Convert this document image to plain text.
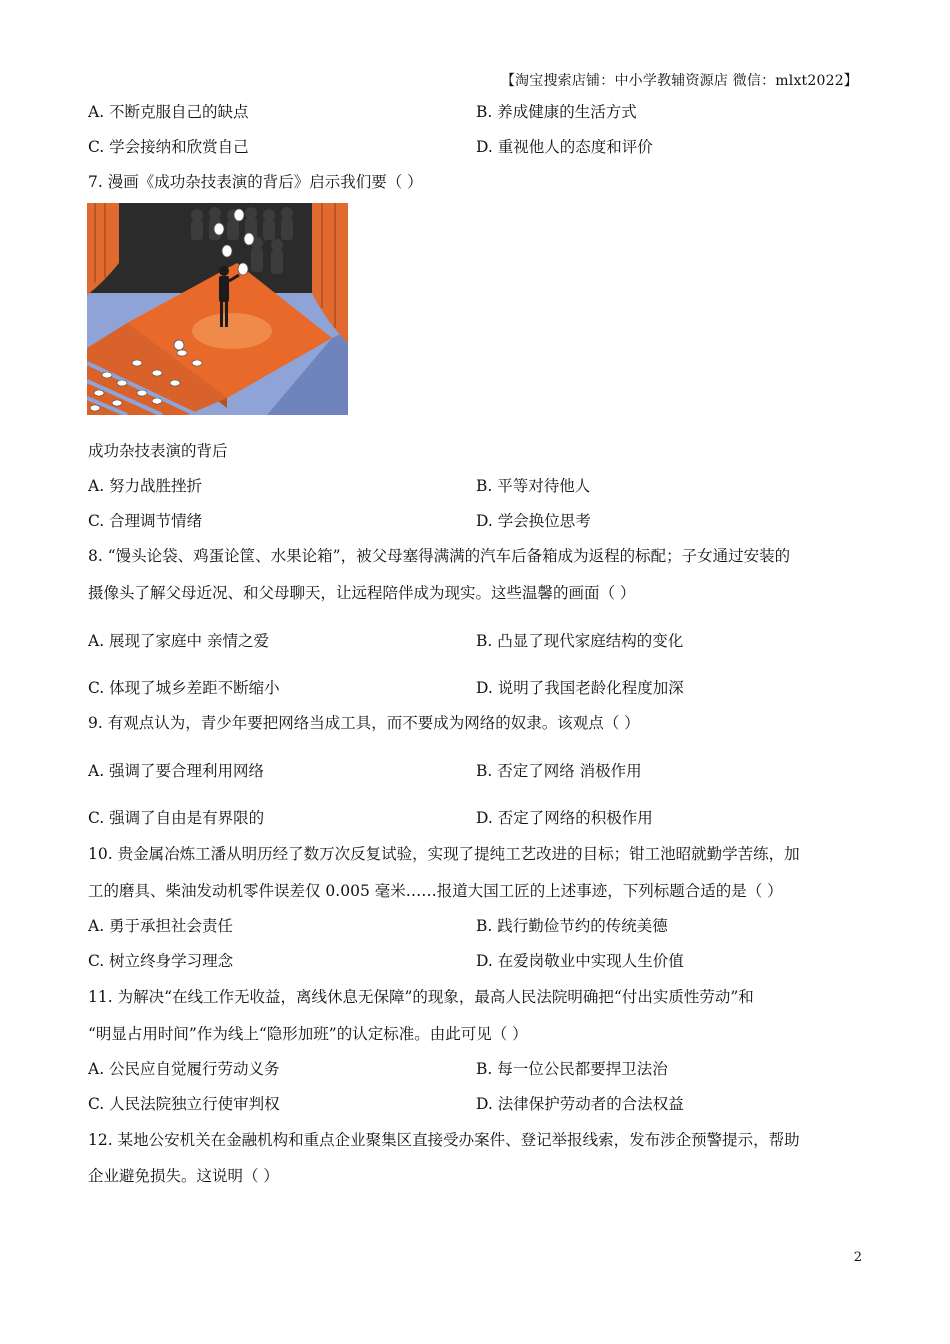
【淘宝搜索店铺：中小学教辅资源店 微信：mlxt2022】
A. 不断克服自己的缺点	B. 养成健康的生活方式
C. 学会接纳和欣赏自己	D. 重视他人的态度和评价
7. 漫画《成功杂技表演的背后》启示我们要（ ）
成功杂技表演的背后
A. 努力战胜挫折	B. 平等对待他人
C. 合理调节情绪	D. 学会换位思考
8. “馒头论袋、鸡蛋论筐、水果论箱”，被父母塞得满满的汽车后备箱成为返程的标配；子女通过安装的
摄像头了解父母近况、和父母聊天，让远程陪伴成为现实。这些温馨的画面（ ）
A. 展现了家庭中 亲情之爱	B. 凸显了现代家庭结构的变化
C. 体现了城乡差距不断缩小	D. 说明了我国老龄化程度加深
9. 有观点认为，青少年要把网络当成工具，而不要成为网络的奴隶。该观点（ ）
A. 强调了要合理利用网络	B. 否定了网络 消极作用
C. 强调了自由是有界限的	D. 否定了网络的积极作用
10. 贵金属冶炼工潘从明历经了数万次反复试验，实现了提纯工艺改进的目标；钳工池昭就勤学苦练，加
工的磨具、柴油发动机零件误差仅 0.005 毫米……报道大国工匠的上述事迹，下列标题合适的是（ ）
A. 勇于承担社会责任	B. 践行勤俭节约的传统美德
C. 树立终身学习理念	D. 在爱岗敬业中实现人生价值
11. 为解决“在线工作无收益，离线休息无保障”的现象，最高人民法院明确把“付出实质性劳动”和
“明显占用时间”作为线上“隐形加班”的认定标准。由此可见（ ）
A. 公民应自觉履行劳动义务	B. 每一位公民都要捍卫法治
C. 人民法院独立行使审判权	D. 法律保护劳动者的合法权益
12. 某地公安机关在金融机构和重点企业聚集区直接受办案件、登记举报线索，发布涉企预警提示，帮助
企业避免损失。这说明（ ）
2
